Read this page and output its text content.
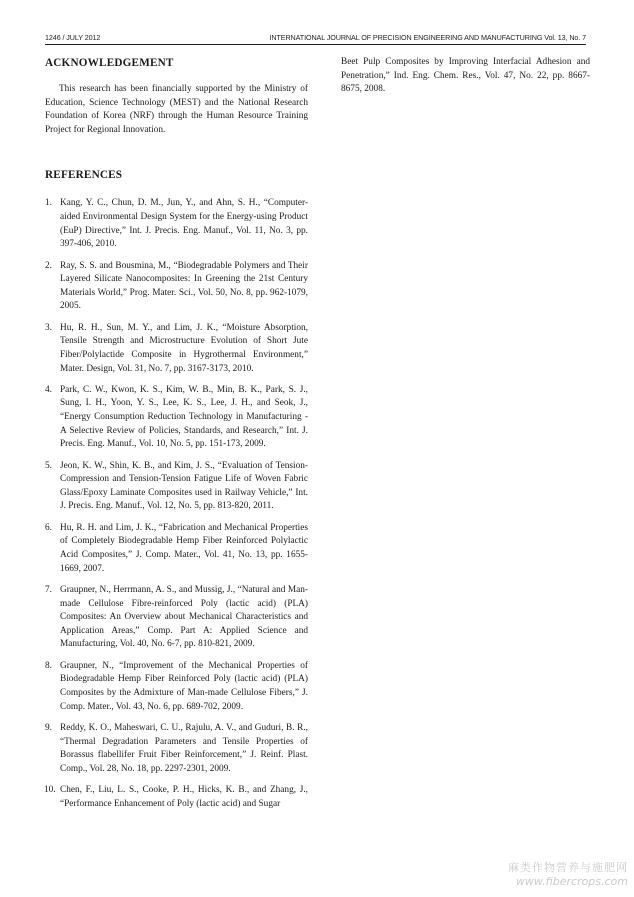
1246 / JULY 2012	INTERNATIONAL JOURNAL OF PRECISION ENGINEERING AND MANUFACTURING Vol. 13, No. 7
ACKNOWLEDGEMENT

This research has been financially supported by the Ministry of Education, Science Technology (MEST) and the National Research Foundation of Korea (NRF) through the Human Resource Training Project for Regional Innovation.

REFERENCES
1. Kang, Y. C., Chun, D. M., Jun, Y., and Ahn, S. H., “Computer-aided Environmental Design System for the Energy-using Product (EuP) Directive,” Int. J. Precis. Eng. Manuf., Vol. 11, No. 3, pp. 397-406, 2010.
2. Ray, S. S. and Bousmina, M., “Biodegradable Polymers and Their Layered Silicate Nanocomposites: In Greening the 21st Century Materials World,” Prog. Mater. Sci., Vol. 50, No. 8, pp. 962-1079, 2005.
3. Hu, R. H., Sun, M. Y., and Lim, J. K., “Moisture Absorption, Tensile Strength and Microstructure Evolution of Short Jute Fiber/Polylactide Composite in Hygrothermal Environment,” Mater. Design, Vol. 31, No. 7, pp. 3167-3173, 2010.
4. Park, C. W., Kwon, K. S., Kim, W. B., Min, B. K., Park, S. J., Sung, I. H., Yoon, Y. S., Lee, K. S., Lee, J. H., and Seok, J., “Energy Consumption Reduction Technology in Manufacturing - A Selective Review of Policies, Standards, and Research,” Int. J. Precis. Eng. Manuf., Vol. 10, No. 5, pp. 151-173, 2009.
5. Jeon, K. W., Shin, K. B., and Kim, J. S., “Evaluation of Tension-Compression and Tension-Tension Fatigue Life of Woven Fabric Glass/Epoxy Laminate Composites used in Railway Vehicle,” Int. J. Precis. Eng. Manuf., Vol. 12, No. 5, pp. 813-820, 2011.
6. Hu, R. H. and Lim, J. K., “Fabrication and Mechanical Properties of Completely Biodegradable Hemp Fiber Reinforced Polylactic Acid Composites,” J. Comp. Mater., Vol. 41, No. 13, pp. 1655-1669, 2007.
7. Graupner, N., Herrmann, A. S., and Mussig, J., “Natural and Man-made Cellulose Fibre-reinforced Poly (lactic acid) (PLA) Composites: An Overview about Mechanical Characteristics and Application Areas,” Comp. Part A: Applied Science and Manufacturing, Vol. 40, No. 6-7, pp. 810-821, 2009.
8. Graupner, N., “Improvement of the Mechanical Properties of Biodegradable Hemp Fiber Reinforced Poly (lactic acid) (PLA) Composites by the Admixture of Man-made Cellulose Fibers,” J. Comp. Mater., Vol. 43, No. 6, pp. 689-702, 2009.
9. Reddy, K. O., Maheswari, C. U., Rajulu, A. V., and Guduri, B. R., “Thermal Degradation Parameters and Tensile Properties of Borassus flabellifer Fruit Fiber Reinforcement,” J. Reinf. Plast. Comp., Vol. 28, No. 18, pp. 2297-2301, 2009.
10. Chen, F., Liu, L. S., Cooke, P. H., Hicks, K. B., and Zhang, J., “Performance Enhancement of Poly (lactic acid) and Sugar

Beet Pulp Composites by Improving Interfacial Adhesion and Penetration,” Ind. Eng. Chem. Res., Vol. 47, No. 22, pp. 8667-8675, 2008.

麻类作物营养与施肥网
www.fibercrops.com
